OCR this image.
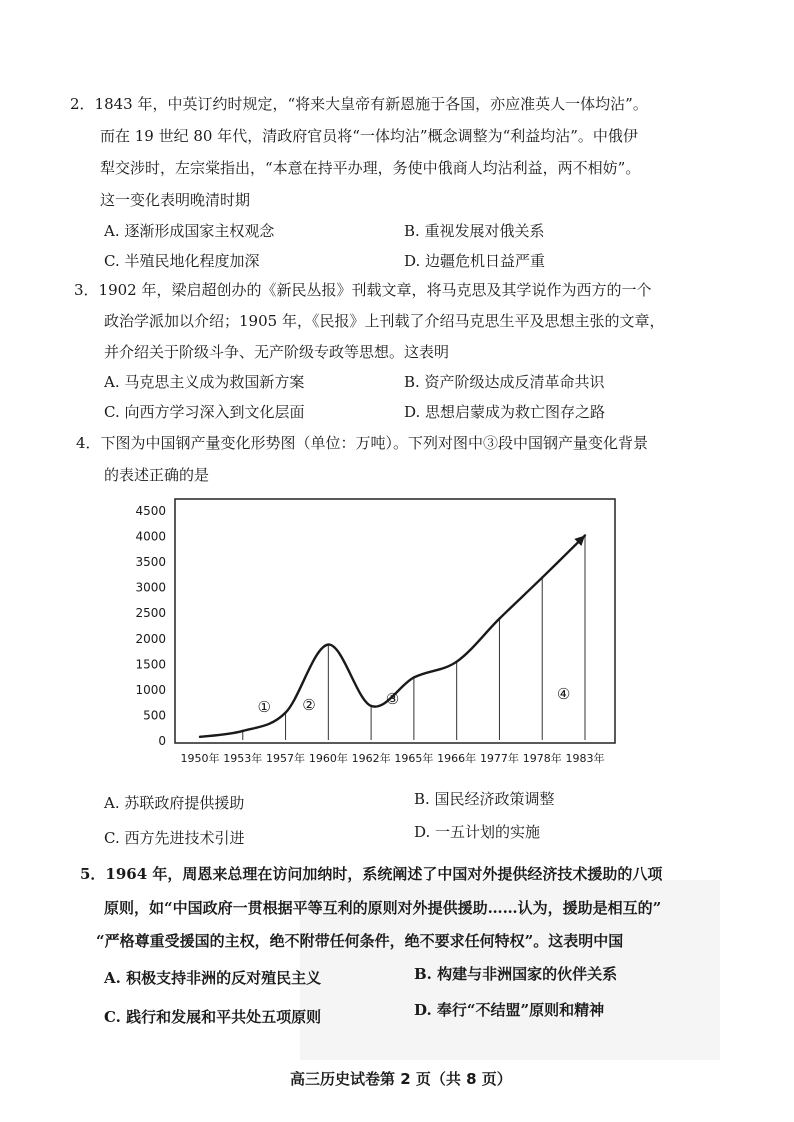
2．1843 年，中英订约时规定，“将来大皇帝有新恩施于各国，亦应准英人一体均沾”。
而在 19 世纪 80 年代，清政府官员将“一体均沾”概念调整为“利益均沾”。中俄伊
犁交涉时，左宗棠指出，“本意在持平办理，务使中俄商人均沾利益，两不相妨”。
这一变化表明晚清时期
A. 逐渐形成国家主权观念	B. 重视发展对俄关系
C. 半殖民地化程度加深	D. 边疆危机日益严重
3．1902 年，梁启超创办的《新民丛报》刊载文章，将马克思及其学说作为西方的一个
政治学派加以介绍；1905 年，《民报》上刊载了介绍马克思生平及思想主张的文章，
并介绍关于阶级斗争、无产阶级专政等思想。这表明
A. 马克思主义成为救国新方案	B. 资产阶级达成反清革命共识
C. 向西方学习深入到文化层面	D. 思想启蒙成为救亡图存之路
4．下图为中国钢产量变化形势图（单位：万吨）。下列对图中③段中国钢产量变化背景
的表述正确的是
4500
4000
3500
3000
2500
2000
1500
1000
500
0
1950年 1953年 1957年 1960年 1962年 1965年 1966年 1977年 1978年 1983年
① ②	③	④
A. 苏联政府提供援助	B. 国民经济政策调整
C. 西方先进技术引进	D. 一五计划的实施
5．1964 年，周恩来总理在访问加纳时，系统阐述了中国对外提供经济技术援助的八项
原则，如“中国政府一贯根据平等互利的原则对外提供援助……认为，援助是相互的”
“严格尊重受援国的主权，绝不附带任何条件，绝不要求任何特权”。这表明中国
A. 积极支持非洲的反对殖民主义	B. 构建与非洲国家的伙伴关系
C. 践行和发展和平共处五项原则	D. 奉行“不结盟”原则和精神
高三历史试卷第 2 页（共 8 页）
